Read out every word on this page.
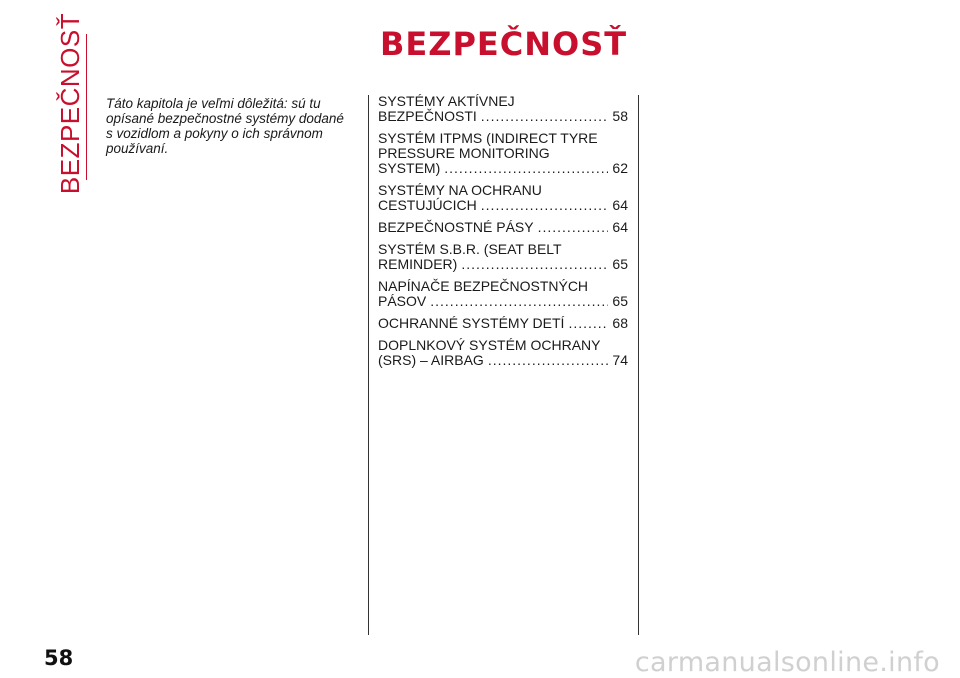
BEZPEČNOSŤ	BEZPEČNOSŤ
Táto kapitola je veľmi dôležitá: sú tu
opísané bezpečnostné systémy dodané
s vozidlom a pokyny o ich správnom
používaní.
SYSTÉMY AKTÍVNEJ
BEZPEČNOSTI .....	58
SYSTÉM ITPMS (INDIRECT TYRE
PRESSURE MONITORING
SYSTEM) .....	62
SYSTÉMY NA OCHRANU
CESTUJÚCICH .....	64
BEZPEČNOSTNÉ PÁSY .....	64
SYSTÉM S.B.R. (SEAT BELT
REMINDER) .....	65
NAPÍNAČE BEZPEČNOSTNÝCH
PÁSOV .....	65
OCHRANNÉ SYSTÉMY DETÍ .....	68
DOPLNKOVÝ SYSTÉM OCHRANY
(SRS) – AIRBAG .....	74
58	carmanualsonline.info
